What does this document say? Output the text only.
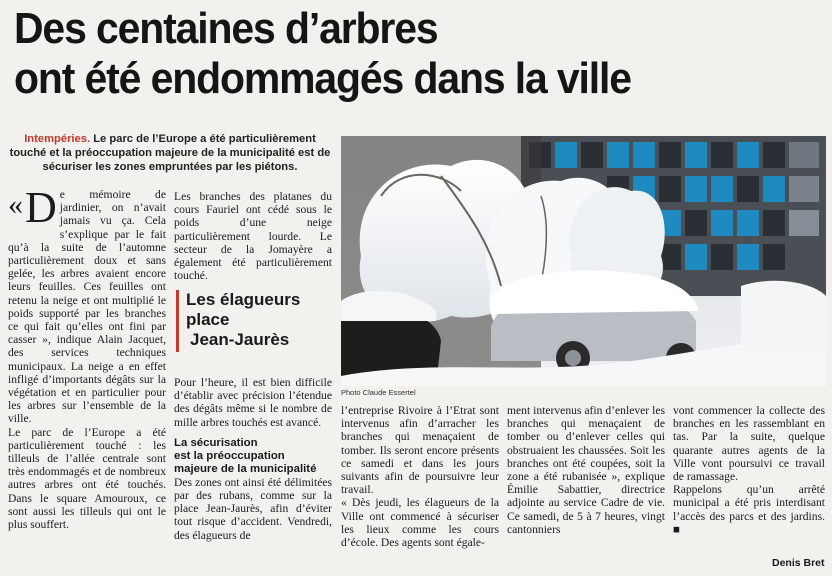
Des centaines d’arbres
ont été endommagés dans la ville
Intempéries. Le parc de l’Europe a été particulièrement touché et la préoccupation majeure de la municipalité est de sécuriser les zones empruntées par les piétons.
Photo Claude Essertel

« D e mémoire de jardinier, on n’avait jamais vu ça. Cela s’explique par le fait qu’à la suite de l’automne particulièrement doux et sans gelée, les arbres avaient encore leurs feuilles. Ces feuilles ont retenu la neige et ont multiplié le poids supporté par les branches ce qui fait qu’elles ont fini par casser », indique Alain Jacquet, des services techniques municipaux. La neige a en effet infligé d’importants dégâts sur la végétation et en particulier pour les arbres sur l’ensemble de la ville.

Le parc de l’Europe a été particulièrement touché : les tilleuls de l’allée centrale sont très endommagés et de nombreux autres arbres ont été touchés. Dans le square Amouroux, ce sont aussi les tilleuls qui ont le plus souffert.

Les branches des platanes du cours Fauriel ont cédé sous le poids d’une neige particulièrement lourde. Le secteur de la Jomayère a également été particulièrement touché.

Les élagueurs
place
Jean-Jaurès

Pour l’heure, il est bien difficile d’établir avec précision l’étendue des dégâts même si le nombre de mille arbres touchés est avancé.

La sécurisation
est la préoccupation
majeure de la municipalité

Des zones ont ainsi été délimitées par des rubans, comme sur la place Jean-Jaurès, afin d’éviter tout risque d’accident. Vendredi, des élagueurs de

l’entreprise Rivoire à l’Etrat sont intervenus afin d’arracher les branches qui menaçaient de tomber. Ils seront encore présents ce samedi et dans les jours suivants afin de poursuivre leur travail.

« Dès jeudi, les élagueurs de la Ville ont commencé à sécuriser les lieux comme les cours d’école. Des agents sont égale-

ment intervenus afin d’enlever les branches qui menaçaient de tomber ou d’enlever celles qui obstruaient les chaussées. Soit les branches ont été coupées, soit la zone a été rubanisée », explique Émilie Sabattier, directrice adjointe au service Cadre de vie. Ce samedi, de 5 à 7 heures, vingt cantonniers

vont commencer la collecte des branches en les rassemblant en tas. Par la suite, quelque quarante autres agents de la Ville vont poursuivi ce travail de ramassage.

Rappelons qu’un arrêté municipal a été pris interdisant l’accès des parcs et des jardins. ■

Denis Bret
